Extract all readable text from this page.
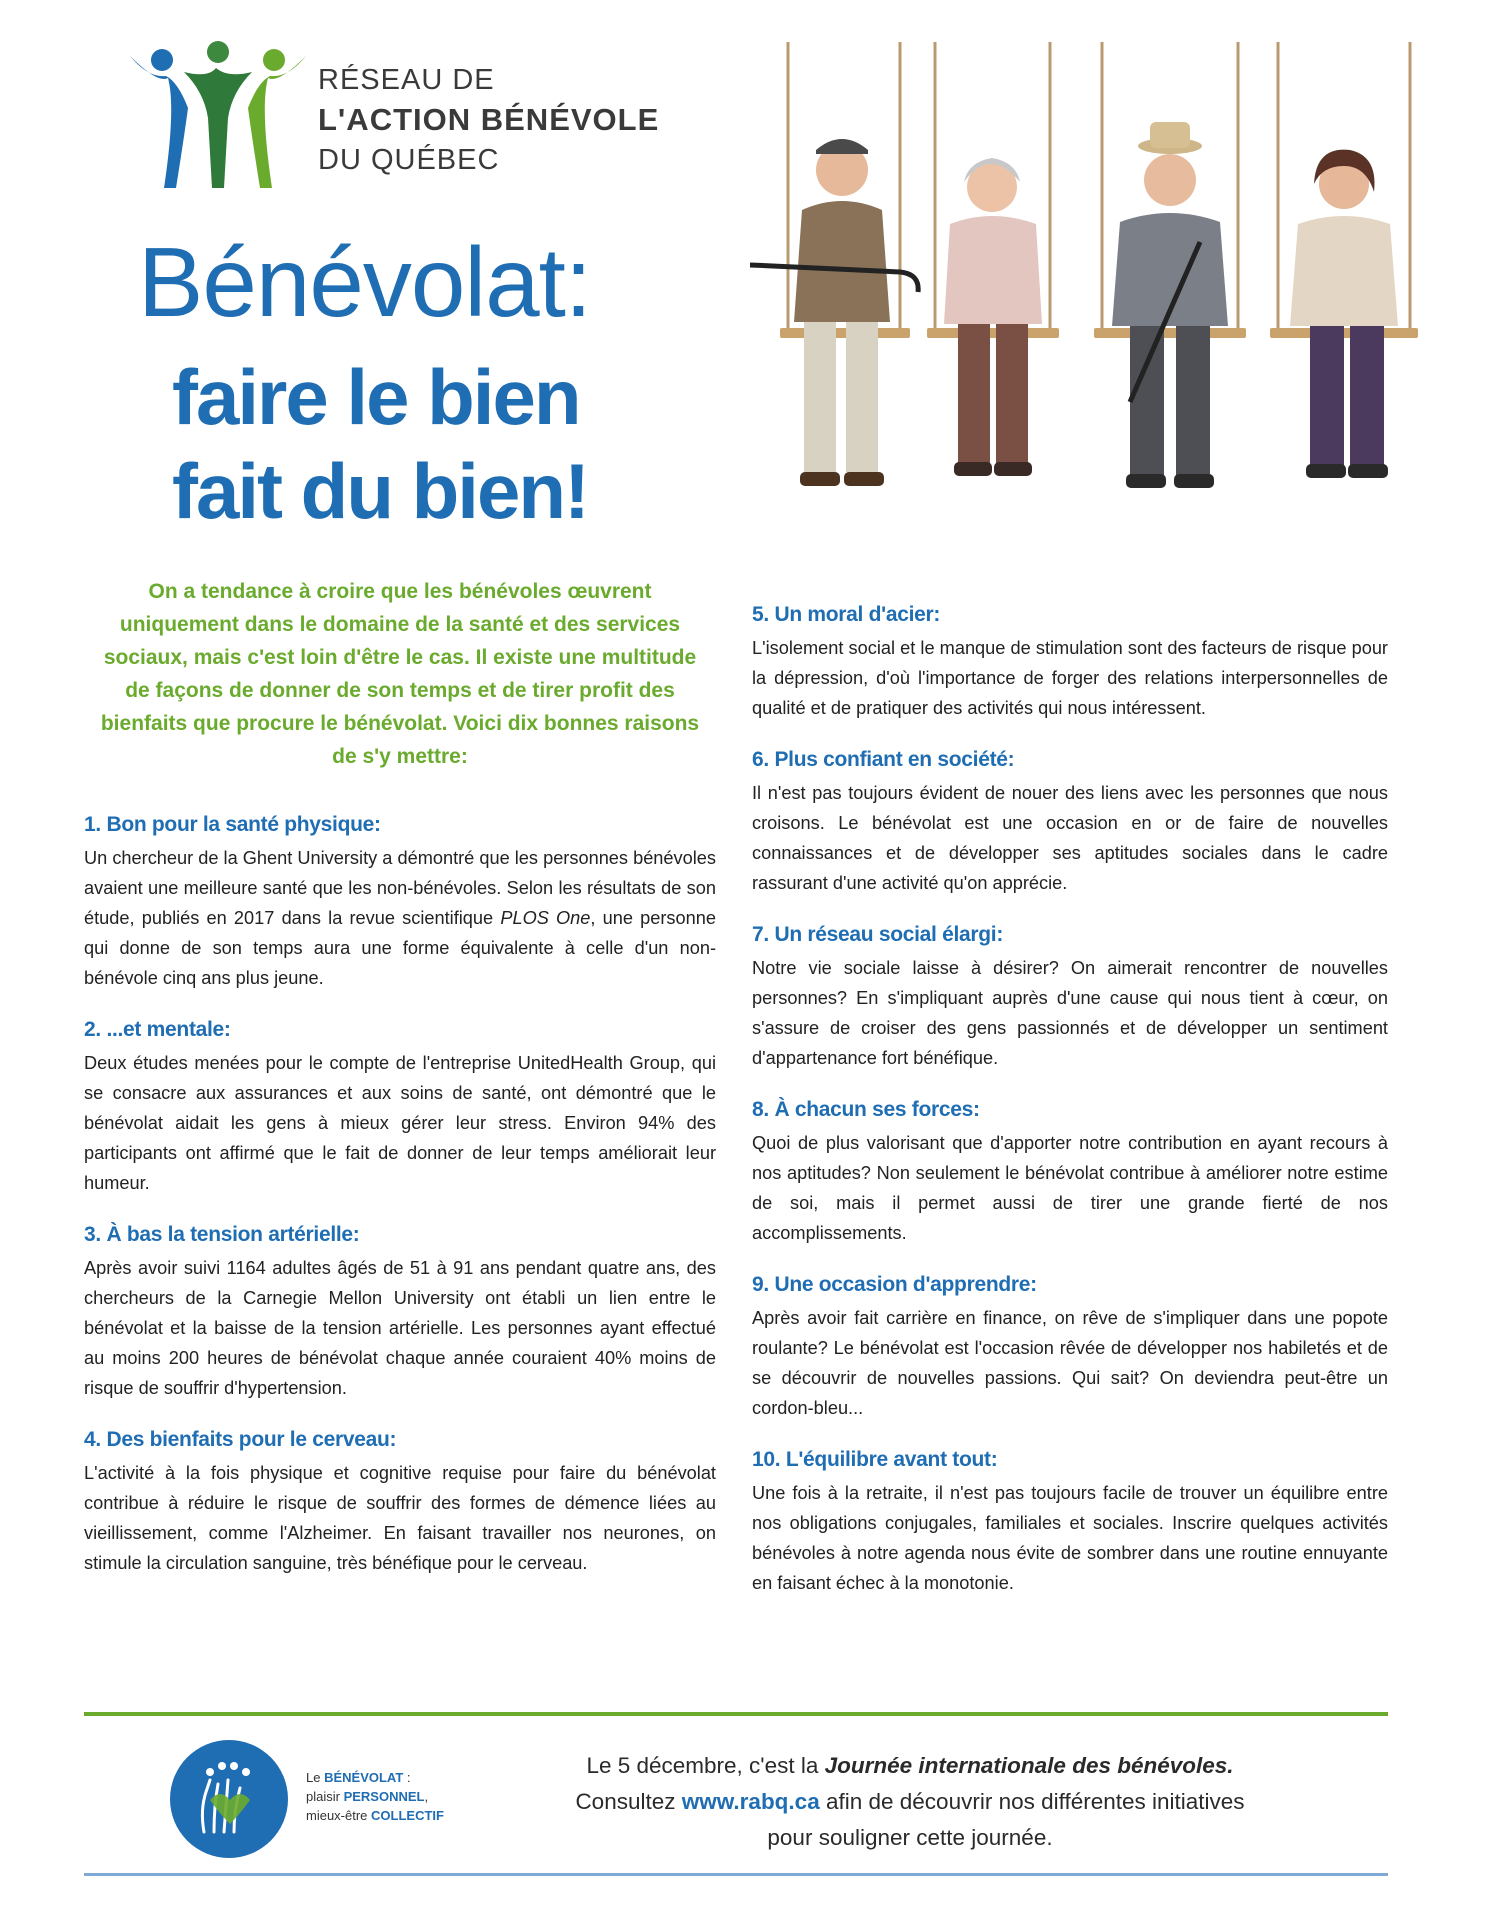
RÉSEAU DE
L'ACTION BÉNÉVOLE
DU QUÉBEC
Bénévolat:
faire le bien
fait du bien!
On a tendance à croire que les bénévoles œuvrent uniquement dans le domaine de la santé et des services sociaux, mais c'est loin d'être le cas. Il existe une multitude de façons de donner de son temps et de tirer profit des bienfaits que procure le bénévolat. Voici dix bonnes raisons de s'y mettre:
1. Bon pour la santé physique:

Un chercheur de la Ghent University a démontré que les personnes bénévoles avaient une meilleure santé que les non-bénévoles. Selon les résultats de son étude, publiés en 2017 dans la revue scientifique PLOS One, une personne qui donne de son temps aura une forme équivalente à celle d'un non-bénévole cinq ans plus jeune.

2. ...et mentale:

Deux études menées pour le compte de l'entreprise UnitedHealth Group, qui se consacre aux assurances et aux soins de santé, ont démontré que le bénévolat aidait les gens à mieux gérer leur stress. Environ 94% des participants ont affirmé que le fait de donner de leur temps améliorait leur humeur.

3. À bas la tension artérielle:

Après avoir suivi 1164 adultes âgés de 51 à 91 ans pendant quatre ans, des chercheurs de la Carnegie Mellon University ont établi un lien entre le bénévolat et la baisse de la tension artérielle. Les personnes ayant effectué au moins 200 heures de bénévolat chaque année couraient 40% moins de risque de souffrir d'hypertension.

4. Des bienfaits pour le cerveau:

L'activité à la fois physique et cognitive requise pour faire du bénévolat contribue à réduire le risque de souffrir des formes de démence liées au vieillissement, comme l'Alzheimer. En faisant travailler nos neurones, on stimule la circulation sanguine, très bénéfique pour le cerveau.

5. Un moral d'acier:

L'isolement social et le manque de stimulation sont des facteurs de risque pour la dépression, d'où l'importance de forger des relations interpersonnelles de qualité et de pratiquer des activités qui nous intéressent.

6. Plus confiant en société:

Il n'est pas toujours évident de nouer des liens avec les personnes que nous croisons. Le bénévolat est une occasion en or de faire de nouvelles connaissances et de développer ses aptitudes sociales dans le cadre rassurant d'une activité qu'on apprécie.

7. Un réseau social élargi:

Notre vie sociale laisse à désirer? On aimerait rencontrer de nouvelles personnes? En s'impliquant auprès d'une cause qui nous tient à cœur, on s'assure de croiser des gens passionnés et de développer un sentiment d'appartenance fort bénéfique.

8. À chacun ses forces:

Quoi de plus valorisant que d'apporter notre contribution en ayant recours à nos aptitudes? Non seulement le bénévolat contribue à améliorer notre estime de soi, mais il permet aussi de tirer une grande fierté de nos accomplissements.

9. Une occasion d'apprendre:

Après avoir fait carrière en finance, on rêve de s'impliquer dans une popote roulante? Le bénévolat est l'occasion rêvée de développer nos habiletés et de se découvrir de nouvelles passions. Qui sait? On deviendra peut-être un cordon-bleu...

10. L'équilibre avant tout:

Une fois à la retraite, il n'est pas toujours facile de trouver un équilibre entre nos obligations conjugales, familiales et sociales. Inscrire quelques activités bénévoles à notre agenda nous évite de sombrer dans une routine ennuyante en faisant échec à la monotonie.

Le BÉNÉVOLAT :
plaisir PERSONNEL,
mieux-être COLLECTIF
Le 5 décembre, c'est la Journée internationale des bénévoles.
Consultez www.rabq.ca afin de découvrir nos différentes initiatives
pour souligner cette journée.
